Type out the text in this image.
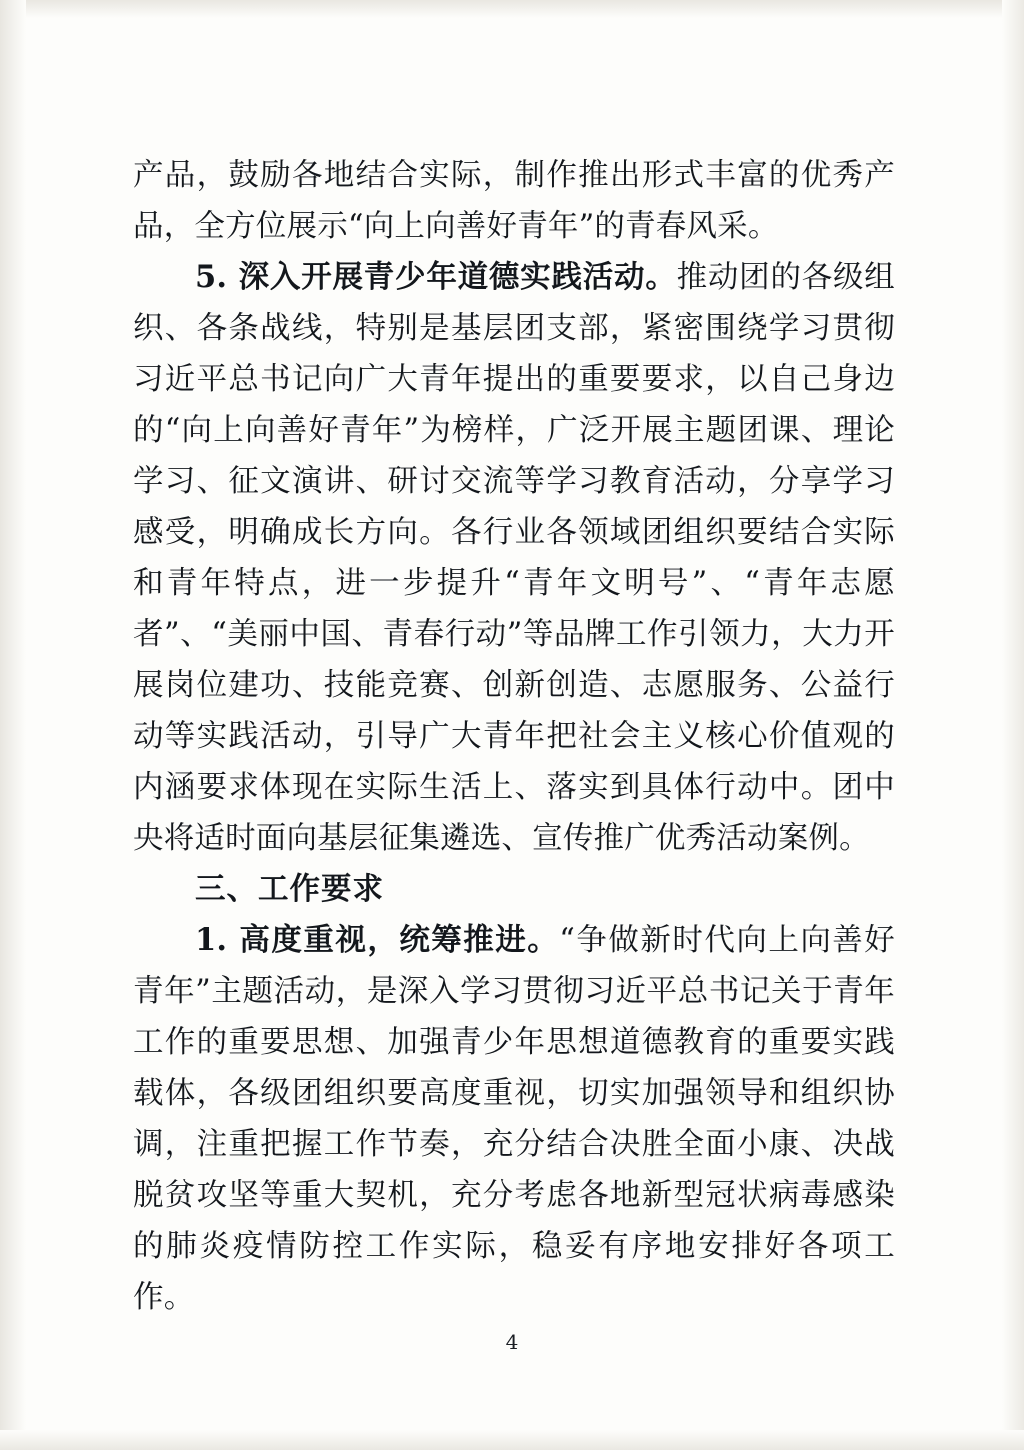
产品，鼓励各地结合实际，制作推出形式丰富的优秀产品，全方位展示“向上向善好青年”的青春风采。

5. 深入开展青少年道德实践活动。推动团的各级组织、各条战线，特别是基层团支部，紧密围绕学习贯彻习近平总书记向广大青年提出的重要要求，以自己身边的“向上向善好青年”为榜样，广泛开展主题团课、理论学习、征文演讲、研讨交流等学习教育活动，分享学习感受，明确成长方向。各行业各领域团组织要结合实际和青年特点，进一步提升“青年文明号”、“青年志愿者”、“美丽中国、青春行动”等品牌工作引领力，大力开展岗位建功、技能竞赛、创新创造、志愿服务、公益行动等实践活动，引导广大青年把社会主义核心价值观的内涵要求体现在实际生活上、落实到具体行动中。团中央将适时面向基层征集遴选、宣传推广优秀活动案例。

三、工作要求

1. 高度重视，统筹推进。“争做新时代向上向善好青年”主题活动，是深入学习贯彻习近平总书记关于青年工作的重要思想、加强青少年思想道德教育的重要实践载体，各级团组织要高度重视，切实加强领导和组织协调，注重把握工作节奏，充分结合决胜全面小康、决战脱贫攻坚等重大契机，充分考虑各地新型冠状病毒感染的肺炎疫情防控工作实际，稳妥有序地安排好各项工作。

4
